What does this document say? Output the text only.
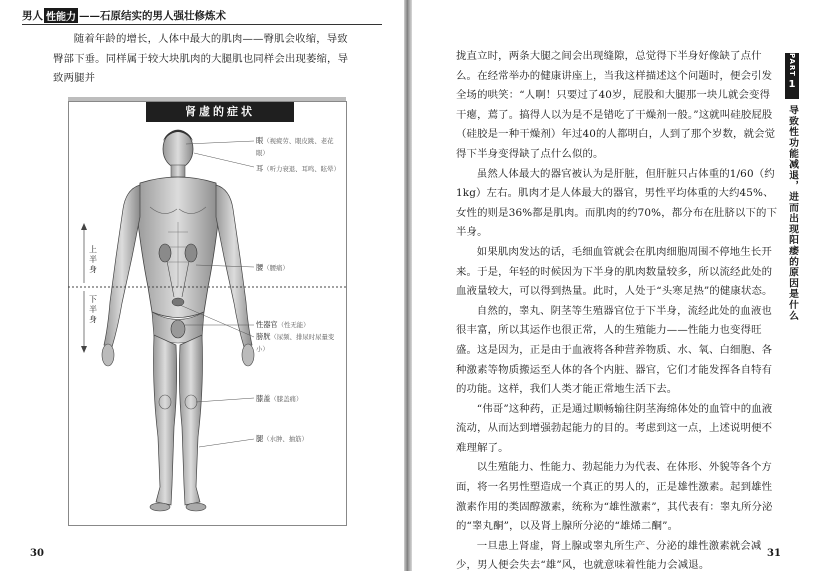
男人 性能力 ——石原结实的男人强壮修炼术

随着年龄的增长，人体中最大的肌肉——臀肌会收缩，导致臀部下垂。同样属于较大块肌肉的大腿肌也同样会出现萎缩，导致两腿并

肾虚的症状
眼（视疲劳、眼皮跳、老花眼）
耳（听力衰退、耳鸣、眩晕）
腰（腰痛）
性器官（性无能）
膀胱（尿频、排尿时尿量变小）
膝盖（膝盖痛）
腿（水肿、抽筋）
上半身
下半身
30

拢直立时，两条大腿之间会出现缝隙，总觉得下半身好像缺了点什么。在经常举办的健康讲座上，当我这样描述这个问题时，便会引发全场的哄笑：“人啊！只要过了40岁，屁股和大腿那一块儿就会变得干瘪，蔫了。搞得人以为是不是错吃了干燥剂一般。”这就叫硅胶屁股（硅胶是一种干燥剂）年过40的人都明白，人到了那个岁数，就会觉得下半身变得缺了点什么似的。

虽然人体最大的器官被认为是肝脏，但肝脏只占体重的1/60（约1kg）左右。肌肉才是人体最大的器官，男性平均体重的大约45%、女性的则是36%都是肌肉。而肌肉的约70%，都分布在肚脐以下的下半身。

如果肌肉发达的话，毛细血管就会在肌肉细胞周围不停地生长开来。于是，年轻的时候因为下半身的肌肉数量较多，所以流经此处的血液量较大，可以得到热量。此时，人处于“头寒足热”的健康状态。

自然的，睾丸、阴茎等生殖器官位于下半身，流经此处的血液也很丰富，所以其运作也很正常，人的生殖能力——性能力也变得旺盛。这是因为，正是由于血液将各种营养物质、水、氧、白细胞、各种激素等物质搬运至人体的各个内脏、器官，它们才能发挥各自特有的功能。这样，我们人类才能正常地生活下去。

“伟哥”这种药，正是通过顺畅输往阴茎海绵体处的血管中的血液流动，从而达到增强勃起能力的目的。考虑到这一点，上述说明便不难理解了。

以生殖能力、性能力、勃起能力为代表、在体形、外貌等各个方面，将一名男性塑造成一个真正的男人的，正是雄性激素。起到雄性激素作用的类固醇激素，统称为“雄性激素”，其代表有：睾丸所分泌的“睾丸酮”，以及肾上腺所分泌的“雄烯二酮”。

一旦患上肾虚，肾上腺或睾丸所生产、分泌的雄性激素就会减少，男人便会失去“雄”风，也就意味着性能力会减退。

31
PART
1
导致性功能减退，进而出现阳痿的原因是什么
